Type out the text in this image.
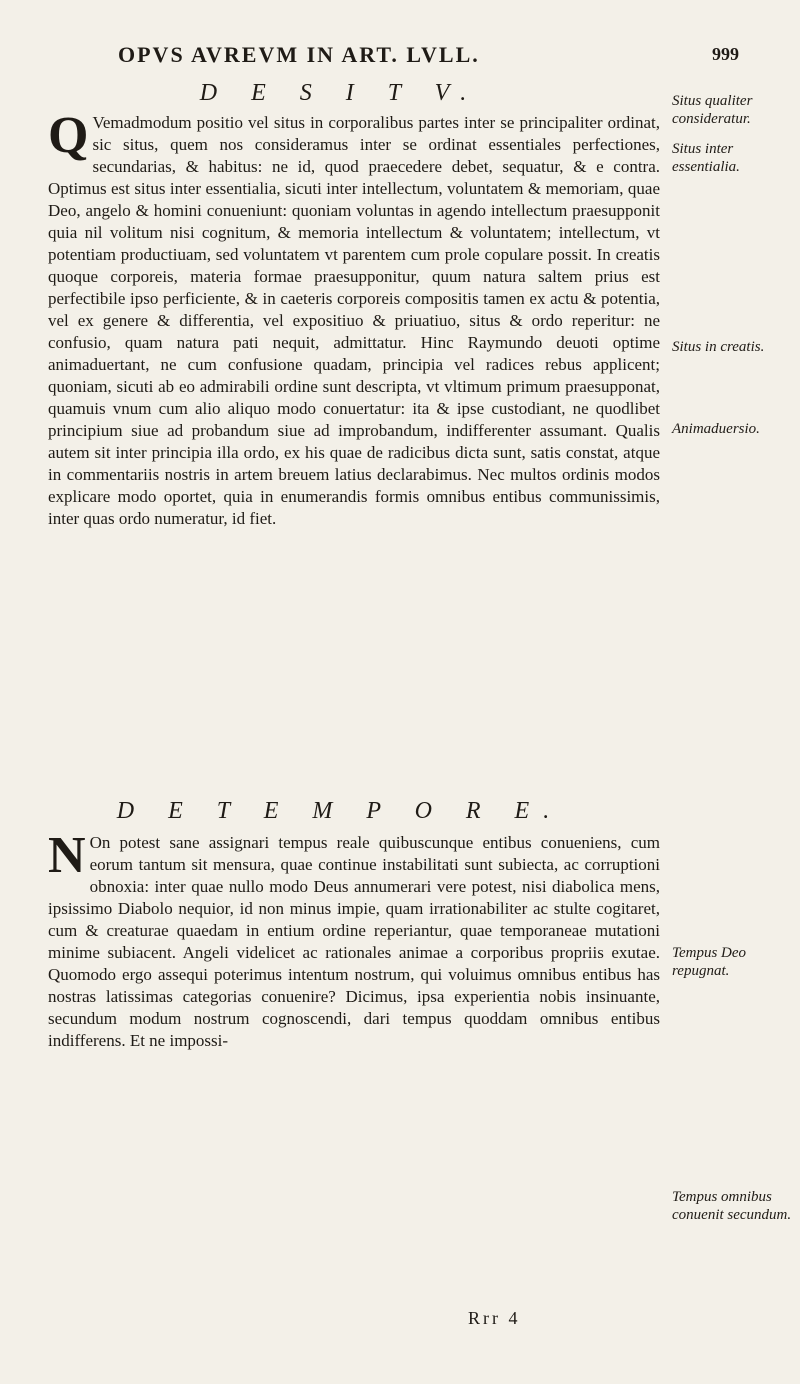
OPVS AVREVM IN ART. LVLL.	999
D E S I T V.

Q Vemadmodum positio vel situs in corporalibus partes inter se principaliter ordinat, sic situs, quem nos consideramus inter se ordinat essentiales perfectiones, secundarias, & habitus: ne id, quod praecedere debet, sequatur, & e contra. Optimus est situs inter essentialia, sicuti inter intellectum, voluntatem & memoriam, quae Deo, angelo & homini conueniunt: quoniam voluntas in agendo intellectum praesupponit quia nil volitum nisi cognitum, & memoria intellectum & voluntatem; intellectum, vt potentiam productiuam, sed voluntatem vt parentem cum prole copulare possit. In creatis quoque corporeis, materia formae praesupponitur, quum natura saltem prius est perfectibile ipso perficiente, & in caeteris corporeis compositis tamen ex actu & potentia, vel ex genere & differentia, vel expositiuo & priuatiuo, situs & ordo reperitur: ne confusio, quam natura pati nequit, admittatur. Hinc Raymundo deuoti optime animaduertant, ne cum confusione quadam, principia vel radices rebus applicent; quoniam, sicuti ab eo admirabili ordine sunt descripta, vt vltimum primum praesupponat, quamuis vnum cum alio aliquo modo conuertatur: ita & ipse custodiant, ne quodlibet principium siue ad probandum siue ad improbandum, indifferenter assumant. Qualis autem sit inter principia illa ordo, ex his quae de radicibus dicta sunt, satis constat, atque in commentariis nostris in artem breuem latius declarabimus. Nec multos ordinis modos explicare modo oportet, quia in enumerandis formis omnibus entibus communissimis, inter quas ordo numeratur, id fiet.

D E T E M P O R E.

N On potest sane assignari tempus reale quibuscunque entibus conueniens, cum eorum tantum sit mensura, quae continue instabilitati sunt subiecta, ac corruptioni obnoxia: inter quae nullo modo Deus annumerari vere potest, nisi diabolica mens, ipsissimo Diabolo nequior, id non minus impie, quam irrationabiliter ac stulte cogitaret, cum & creaturae quaedam in entium ordine reperiantur, quae temporaneae mutationi minime subiacent. Angeli videlicet ac rationales animae a corporibus propriis exutae. Quomodo ergo assequi poterimus intentum nostrum, qui voluimus omnibus entibus has nostras latissimas categorias conuenire? Dicimus, ipsa experientia nobis insinuante, secundum modum nostrum cognoscendi, dari tempus quoddam omnibus entibus indifferens. Et ne impossi-

Situs qualiter consideratur.

Situs inter essentialia.

Situs in creatis.

Animaduersio.

Tempus Deo repugnat.

Tempus omnibus conuenit secundum.

Rrr 4
